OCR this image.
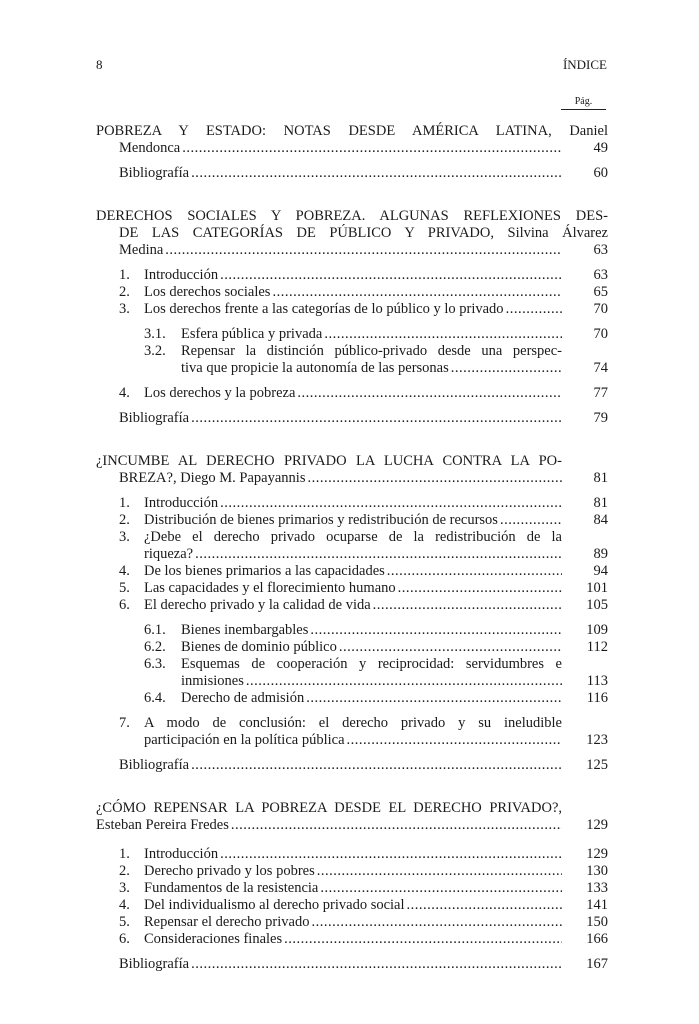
8	ÍNDICE
Pág.
POBREZA Y ESTADO: NOTAS DESDE AMÉRICA LATINA, Daniel
Mendonca .....	49
Bibliografía .....	60
DERECHOS SOCIALES Y POBREZA. ALGUNAS REFLEXIONES DES-
DE LAS CATEGORÍAS DE PÚBLICO Y PRIVADO, Silvina Álvarez
Medina .....	63
1. Introducción .....	63
2. Los derechos sociales .....	65
3. Los derechos frente a las categorías de lo público y lo privado .....	70
3.1. Esfera pública y privada .....	70
3.2.	Repensar la distinción público-privado desde una perspec-
tiva que propicie la autonomía de las personas .....	74
4. Los derechos y la pobreza .....	77
Bibliografía .....	79
¿INCUMBE AL DERECHO PRIVADO LA LUCHA CONTRA LA PO-
BREZA?, Diego M. Papayannis .....	81
1. Introducción .....	81
2. Distribución de bienes primarios y redistribución de recursos .....	84
3. ¿Debe el derecho privado ocuparse de la redistribución de la
riqueza? .....	89
4. De los bienes primarios a las capacidades .....	94
5. Las capacidades y el florecimiento humano .....	101
6. El derecho privado y la calidad de vida .....	105
6.1. Bienes inembargables .....	109
6.2. Bienes de dominio público .....	112
6.3.	Esquemas de cooperación y reciprocidad: servidumbres e
inmisiones .....	113
6.4. Derecho de admisión .....	116
7. A modo de conclusión: el derecho privado y su ineludible
participación en la política pública .....	123
Bibliografía .....	125
¿CÓMO REPENSAR LA POBREZA DESDE EL DERECHO PRIVADO?,
Esteban Pereira Fredes .....	129
1. Introducción .....	129
2. Derecho privado y los pobres .....	130
3. Fundamentos de la resistencia .....	133
4. Del individualismo al derecho privado social .....	141
5. Repensar el derecho privado .....	150
6. Consideraciones finales .....	166
Bibliografía .....	167
